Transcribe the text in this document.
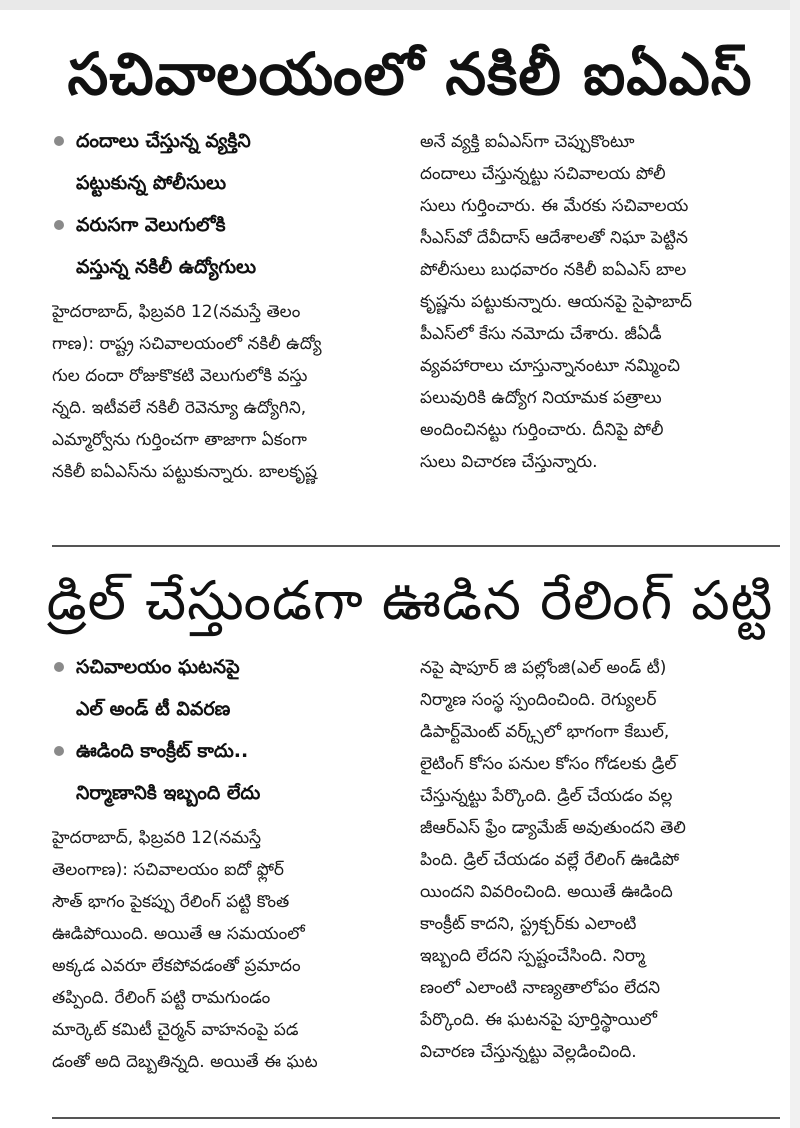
సచివాలయంలో నకిలీ ఐఏఎస్
దందాలు చేస్తున్న వ్యక్తిని
పట్టుకున్న పోలీసులు
వరుసగా వెలుగులోకి
వస్తున్న నకిలీ ఉద్యోగులు
హైదరాబాద్, ఫిబ్రవరి 12(నమస్తే తెలం
గాణ): రాష్ట్ర సచివాలయంలో నకిలీ ఉద్యో
గుల దందా రోజుకొకటి వెలుగులోకి వస్తు
న్నది. ఇటీవలే నకిలీ రెవెన్యూ ఉద్యోగిని,
ఎమ్మార్వోను గుర్తించగా తాజాగా ఏకంగా
నకిలీ ఐఏఎస్‌ను పట్టుకున్నారు. బాలకృష్ణ
అనే వ్యక్తి ఐఏఎస్‌గా చెప్పుకొంటూ
దందాలు చేస్తున్నట్టు సచివాలయ పోలీ
సులు గుర్తించారు. ఈ మేరకు సచివాలయ
సీఎస్‌వో దేవీదాస్ ఆదేశాలతో నిఘా పెట్టిన
పోలీసులు బుధవారం నకిలీ ఐఏఎస్ బాల
కృష్ణను పట్టుకున్నారు. ఆయనపై సైఫాబాద్
పీఎస్‌లో కేసు నమోదు చేశారు. జీఏడీ
వ్యవహారాలు చూస్తున్నానంటూ నమ్మించి
పలువురికి ఉద్యోగ నియామక పత్రాలు
అందించినట్టు గుర్తించారు. దీనిపై పోలీ
సులు విచారణ చేస్తున్నారు.
డ్రిల్ చేస్తుండగా ఊడిన రేలింగ్ పట్టి
సచివాలయం ఘటనపై
ఎల్ అండ్ టీ వివరణ
ఊడింది కాంక్రీట్ కాదు..
నిర్మాణానికి ఇబ్బంది లేదు
హైదరాబాద్, ఫిబ్రవరి 12(నమస్తే
తెలంగాణ): సచివాలయం ఐదో ఫ్లోర్
సౌత్ భాగం పైకప్పు రేలింగ్ పట్టి కొంత
ఊడిపోయింది. అయితే ఆ సమయంలో
అక్కడ ఎవరూ లేకపోవడంతో ప్రమాదం
తప్పింది. రేలింగ్ పట్టి రామగుండం
మార్కెట్ కమిటీ చైర్మన్ వాహనంపై పడ
డంతో అది దెబ్బతిన్నది. అయితే ఈ ఘట
నపై షాపూర్ జి పల్లోంజి(ఎల్ అండ్ టీ)
నిర్మాణ సంస్థ స్పందించింది. రెగ్యులర్
డిపార్ట్‌మెంట్ వర్క్స్‌లో భాగంగా కేబుల్,
లైటింగ్ కోసం పనుల కోసం గోడలకు డ్రిల్
చేస్తున్నట్టు పేర్కొంది. డ్రిల్ చేయడం వల్ల
జీఆర్‌ఎస్ ఫ్రేం డ్యామేజ్ అవుతుందని తెలి
పింది. డ్రిల్ చేయడం వల్లే రేలింగ్ ఊడిపో
యిందని వివరించింది. అయితే ఊడింది
కాంక్రీట్ కాదని, స్ట్రక్చర్‌కు ఎలాంటి
ఇబ్బంది లేదని స్పష్టంచేసింది. నిర్మా
ణంలో ఎలాంటి నాణ్యతాలోపం లేదని
పేర్కొంది. ఈ ఘటనపై పూర్తిస్థాయిలో
విచారణ చేస్తున్నట్టు వెల్లడించింది.
